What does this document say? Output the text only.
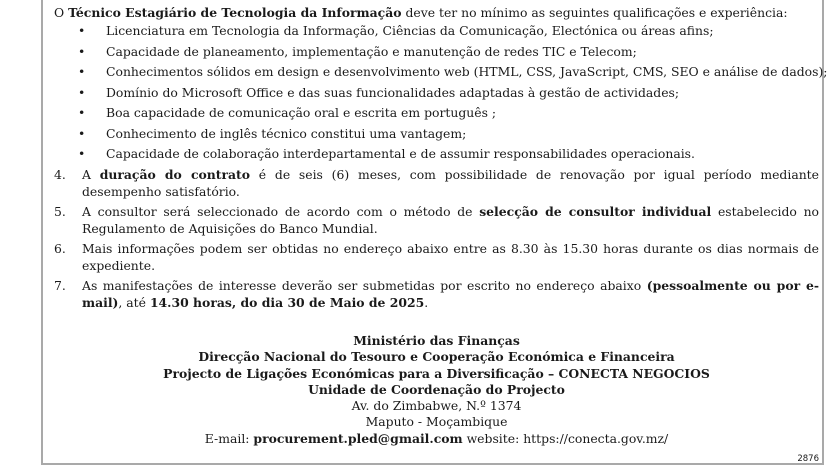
O Técnico Estagiário de Tecnologia da Informação deve ter no mínimo as seguintes qualificações e experiência:

• Licenciatura em Tecnologia da Informação, Ciências da Comunicação, Electónica ou áreas afins;
• Capacidade de planeamento, implementação e manutenção de redes TIC e Telecom;
• Conhecimentos sólidos em design e desenvolvimento web (HTML, CSS, JavaScript, CMS, SEO e análise de dados);
• Domínio do Microsoft Office e das suas funcionalidades adaptadas à gestão de actividades;
• Boa capacidade de comunicação oral e escrita em português ;
• Conhecimento de inglês técnico constitui uma vantagem;
• Capacidade de colaboração interdepartamental e de assumir responsabilidades operacionais.
4. A duração do contrato é de seis (6) meses, com possibilidade de renovação por igual período mediante desempenho satisfatório.
5. A consultor será seleccionado de acordo com o método de selecção de consultor individual estabelecido no Regulamento de Aquisições do Banco Mundial.
6. Mais informações podem ser obtidas no endereço abaixo entre as 8.30 às 15.30 horas durante os dias normais de expediente.
7. As manifestações de interesse deverão ser submetidas por escrito no endereço abaixo (pessoalmente ou por e-mail), até 14.30 horas, do dia 30 de Maio de 2025.
Ministério das Finanças
Direcção Nacional do Tesouro e Cooperação Económica e Financeira
Projecto de Ligações Económicas para a Diversificação – CONECTA NEGOCIOS
Unidade de Coordenação do Projecto
Av. do Zimbabwe, N.º 1374
Maputo - Moçambique
E-mail: procurement.pled@gmail.com website: https://conecta.gov.mz/
2876
